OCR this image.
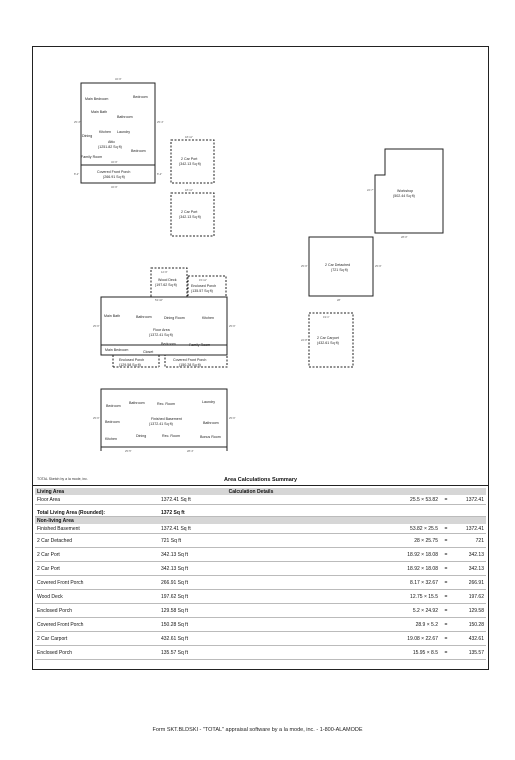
32'-9"
25'-4"	25'-4"
32'-9"
8'-2"	8'-2"
32'-9"
18'-11"
18'-11"
28'-0"
22'-7"
25'-9"	25'-9"
28'
19'-1"
22'-8"
12'-9"
15'-11"
53'-10"
25'-6"	25'-6"
25'-6"	25'-6"
25'-5"	28'-4"
Main Bedroom	Bedroom
Main Bath
Bathroom
Kitchen Laundry
Dining
Attic
(1251.82 Sq ft)
Bedroom
Family Room
Covered Front Porch
(266.91 Sq ft)
2 Car Port
(342.13 Sq ft)
2 Car Port
(342.13 Sq ft)
Workshop
(502.44 Sq ft)
2 Car Detached
(721 Sq ft)
2 Car Carport
(432.61 Sq ft)
Wood Deck
(197.62 Sq ft)	Enclosed Porch
(135.57 Sq ft)
Main Bath	Bathroom	Dining Room	Kitchen
Floor Area
(1372.41 Sq ft)
Main Bedroom	Closet
Bedroom	Family Room
Enclosed Porch
(129.58 Sq ft)
Covered Front Porch
(150.28 Sq ft)
Bedroom
Bathroom	Rec. Room	Laundry
Bathroom
Finished Basement
(1372.41 Sq ft)
Bedroom
Kitchen
Dining	Rec. Room	Bonus Room
TOTAL Sketch by a la mode, inc.	Area Calculations Summary
Living Area		Calculation Details	
Floor Area	1372.41 Sq ft		25.5 × 53.82 = 1372.41
Total Living Area (Rounded):	1372 Sq ft		
Non-living Area			
Finished Basement	1372.41 Sq ft		53.82 × 25.5 = 1372.41
2 Car Detached	721 Sq ft		28 × 25.75 = 721
2 Car Port	342.13 Sq ft		18.92 × 18.08 = 342.13
2 Car Port	342.13 Sq ft		18.92 × 18.08 = 342.13
Covered Front Porch	266.91 Sq ft		8.17 × 32.67 = 266.91
Wood Deck	197.62 Sq ft		12.75 × 15.5 = 197.62
Enclosed Porch	129.58 Sq ft		5.2 × 24.92 = 129.58
Covered Front Porch	150.28 Sq ft		28.9 × 5.2 = 150.28
2 Car Carport	432.61 Sq ft		19.08 × 22.67 = 432.61
Enclosed Porch	135.57 Sq ft		15.95 × 8.5 = 135.57
Form SKT.BLDSKI - "TOTAL" appraisal software by a la mode, inc. - 1-800-ALAMODE
